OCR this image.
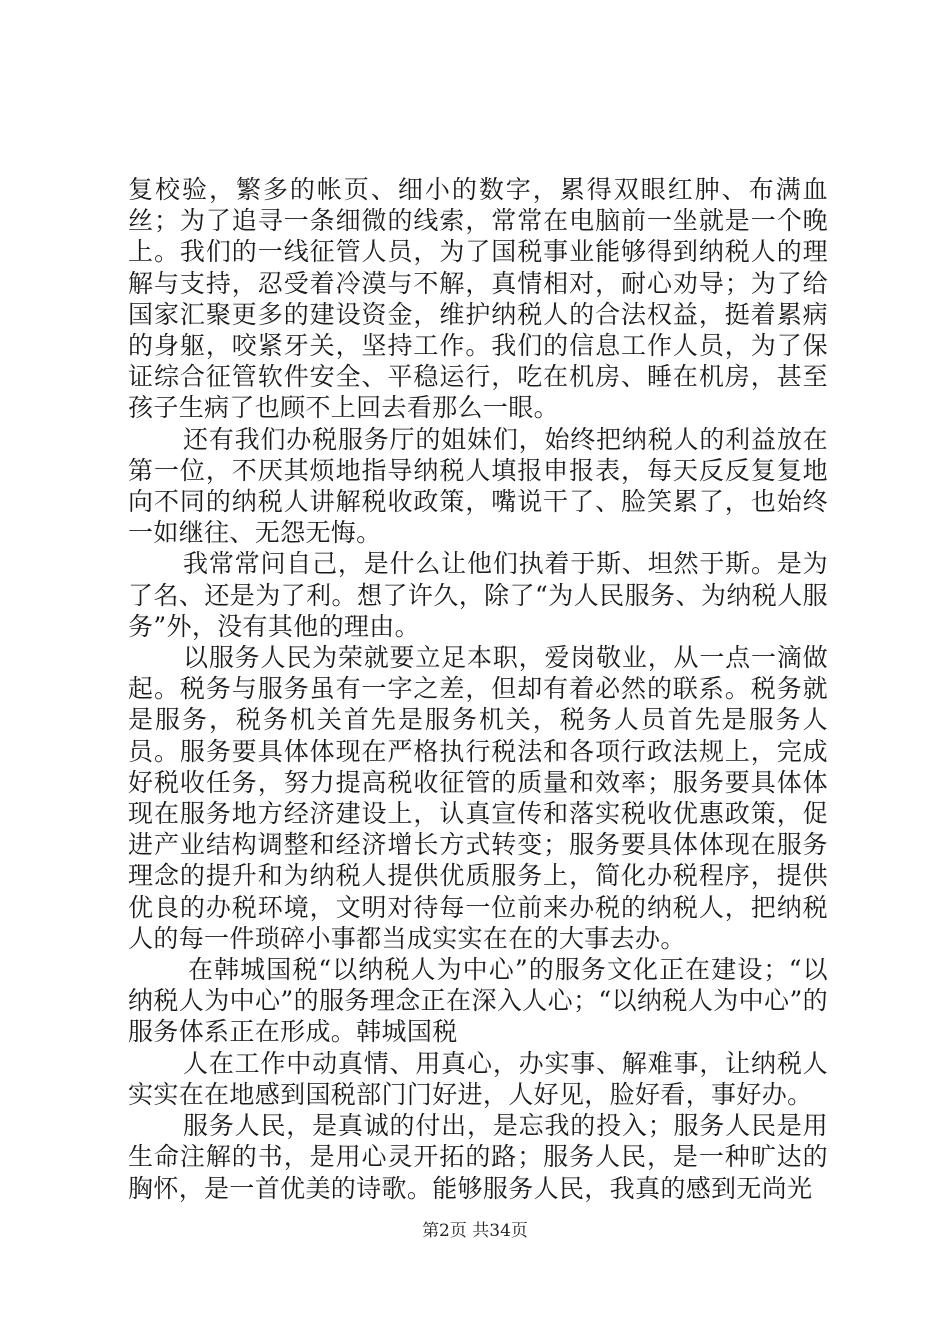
复校验，繁多的帐页、细小的数字，累得双眼红肿、布满血丝；为了追寻一条细微的线索，常常在电脑前一坐就是一个晚上。我们的一线征管人员，为了国税事业能够得到纳税人的理解与支持，忍受着冷漠与不解，真情相对，耐心劝导；为了给国家汇聚更多的建设资金，维护纳税人的合法权益，挺着累病的身躯，咬紧牙关，坚持工作。我们的信息工作人员，为了保证综合征管软件安全、平稳运行，吃在机房、睡在机房，甚至孩子生病了也顾不上回去看那么一眼。

还有我们办税服务厅的姐妹们，始终把纳税人的利益放在第一位，不厌其烦地指导纳税人填报申报表，每天反反复复地向不同的纳税人讲解税收政策，嘴说干了、脸笑累了，也始终一如继往、无怨无悔。

我常常问自己，是什么让他们执着于斯、坦然于斯。是为了名、还是为了利。想了许久，除了“为人民服务、为纳税人服务”外，没有其他的理由。

以服务人民为荣就要立足本职，爱岗敬业，从一点一滴做起。税务与服务虽有一字之差，但却有着必然的联系。税务就是服务，税务机关首先是服务机关，税务人员首先是服务人员。服务要具体体现在严格执行税法和各项行政法规上，完成好税收任务，努力提高税收征管的质量和效率；服务要具体体现在服务地方经济建设上，认真宣传和落实税收优惠政策，促进产业结构调整和经济增长方式转变；服务要具体体现在服务理念的提升和为纳税人提供优质服务上，简化办税程序，提供优良的办税环境，文明对待每一位前来办税的纳税人，把纳税人的每一件琐碎小事都当成实实在在的大事去办。

在韩城国税“以纳税人为中心”的服务文化正在建设；“以纳税人为中心”的服务理念正在深入人心；“以纳税人为中心”的服务体系正在形成。韩城国税

人在工作中动真情、用真心，办实事、解难事，让纳税人实实在在地感到国税部门门好进，人好见，脸好看，事好办。

服务人民，是真诚的付出，是忘我的投入；服务人民是用生命注解的书，是用心灵开拓的路；服务人民，是一种旷达的胸怀，是一首优美的诗歌。能够服务人民，我真的感到无尚光

第2页 共34页
